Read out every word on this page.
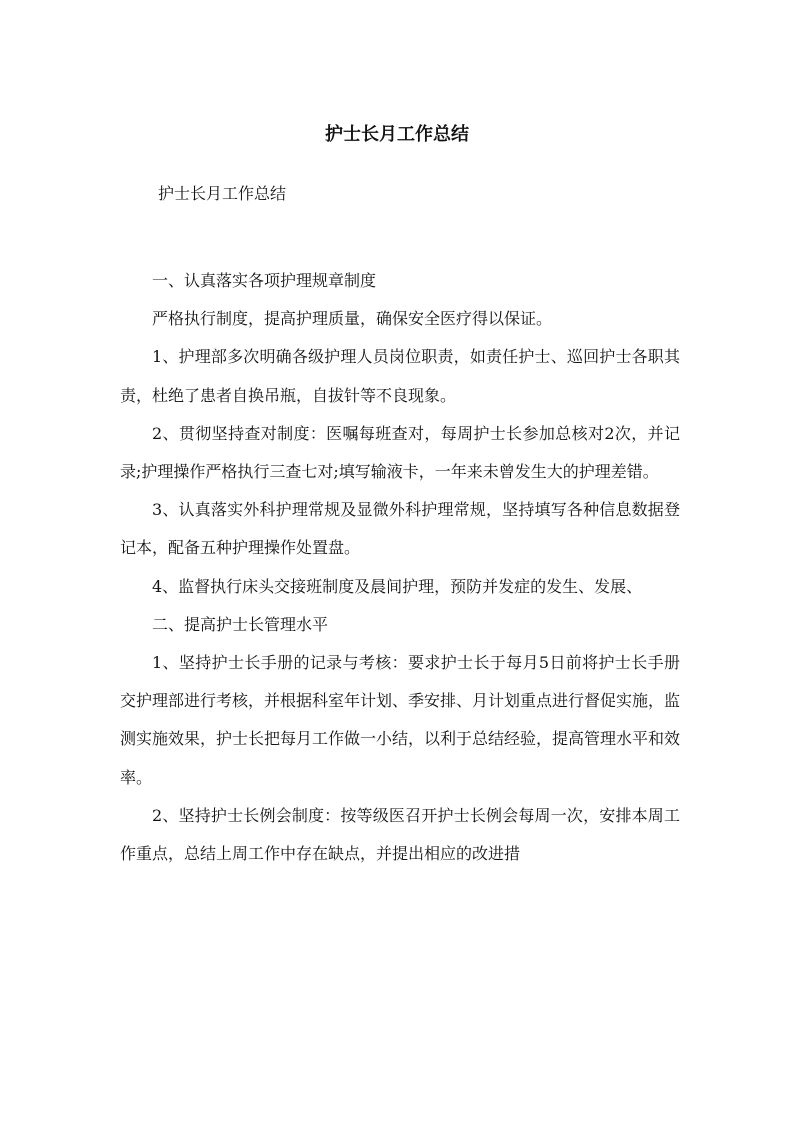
护士长月工作总结
护士长月工作总结

一、认真落实各项护理规章制度

严格执行制度，提高护理质量，确保安全医疗得以保证。

1、护理部多次明确各级护理人员岗位职责，如责任护士、巡回护士各职其责，杜绝了患者自换吊瓶，自拔针等不良现象。

2、贯彻坚持查对制度：医嘱每班查对，每周护士长参加总核对2次，并记录;护理操作严格执行三查七对;填写输液卡，一年来未曾发生大的护理差错。

3、认真落实外科护理常规及显微外科护理常规，坚持填写各种信息数据登记本，配备五种护理操作处置盘。

4、监督执行床头交接班制度及晨间护理，预防并发症的发生、发展、

二、提高护士长管理水平

1、坚持护士长手册的记录与考核：要求护士长于每月5日前将护士长手册交护理部进行考核，并根据科室年计划、季安排、月计划重点进行督促实施，监测实施效果，护士长把每月工作做一小结，以利于总结经验，提高管理水平和效率。

2、坚持护士长例会制度：按等级医召开护士长例会每周一次，安排本周工作重点，总结上周工作中存在缺点，并提出相应的改进措
